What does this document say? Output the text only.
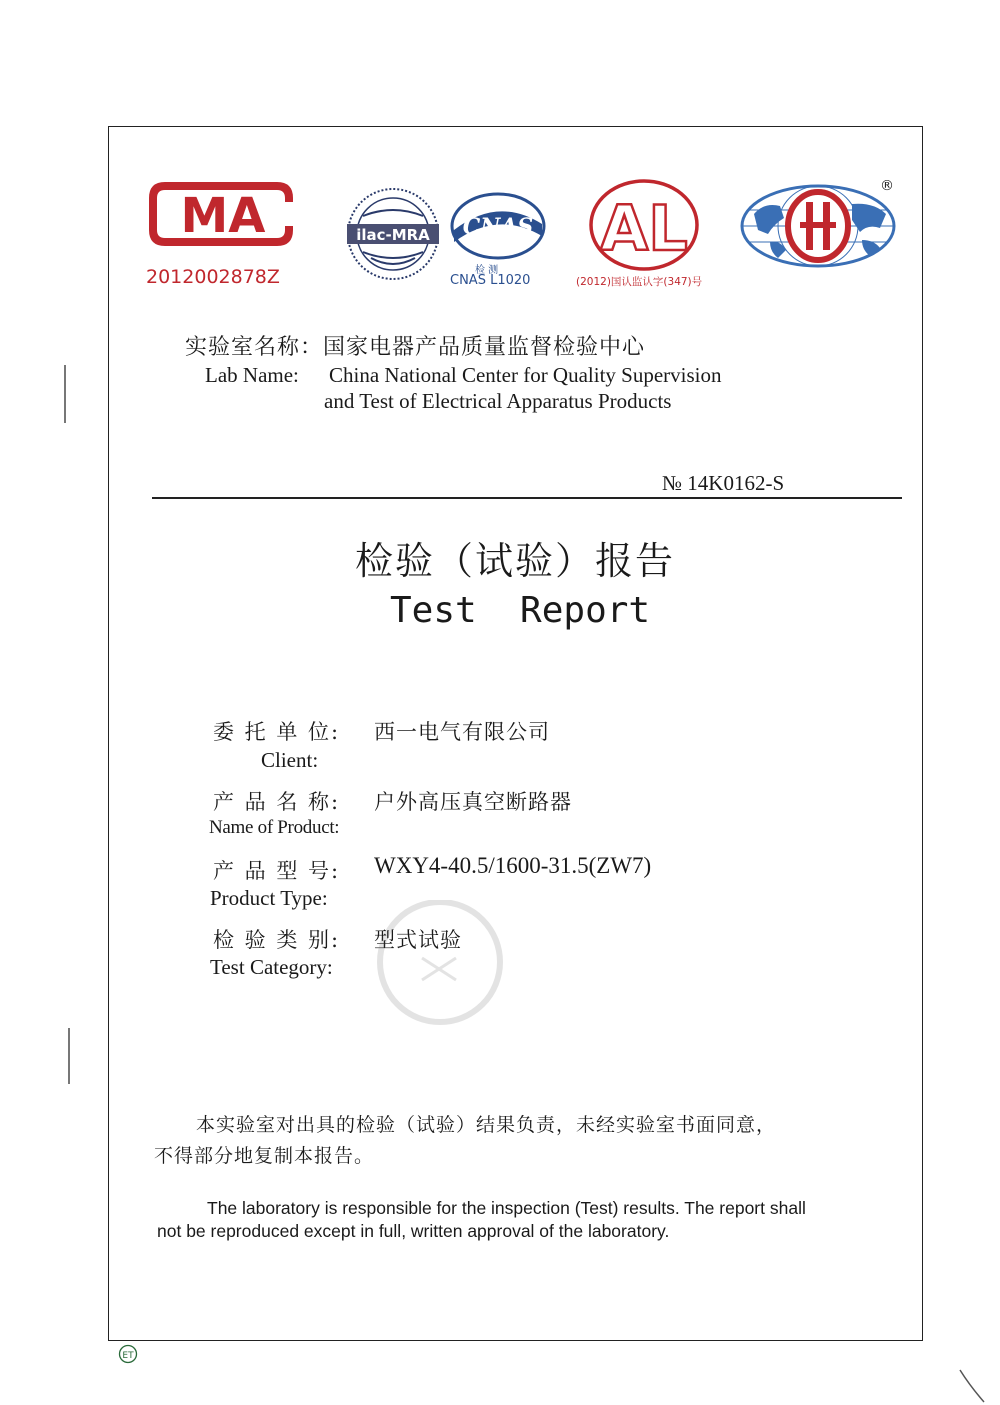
MA
2012002878Z
ilac-MRA CNAS
检 测
CNAS L1020
AL
(2012)国认监认字(347)号
®
实验室名称：国家电器产品质量监督检验中心
Lab Name: China National Center for Quality Supervision
and Test of Electrical Apparatus Products
№ 14K0162-S
检验（试验）报告
Test  Report
委 托 单 位: 西一电气有限公司
Client:
产 品 名 称: 户外高压真空断路器
Name of Product:
产 品 型 号: WXY4-40.5/1600-31.5(ZW7)
Product Type:
检 验 类 别: 型式试验
Test Category:
本实验室对出具的检验（试验）结果负责，未经实验室书面同意，
不得部分地复制本报告。
The laboratory is responsible for the inspection (Test) results. The report shall
not be reproduced except in full, written approval of the laboratory.
ET
